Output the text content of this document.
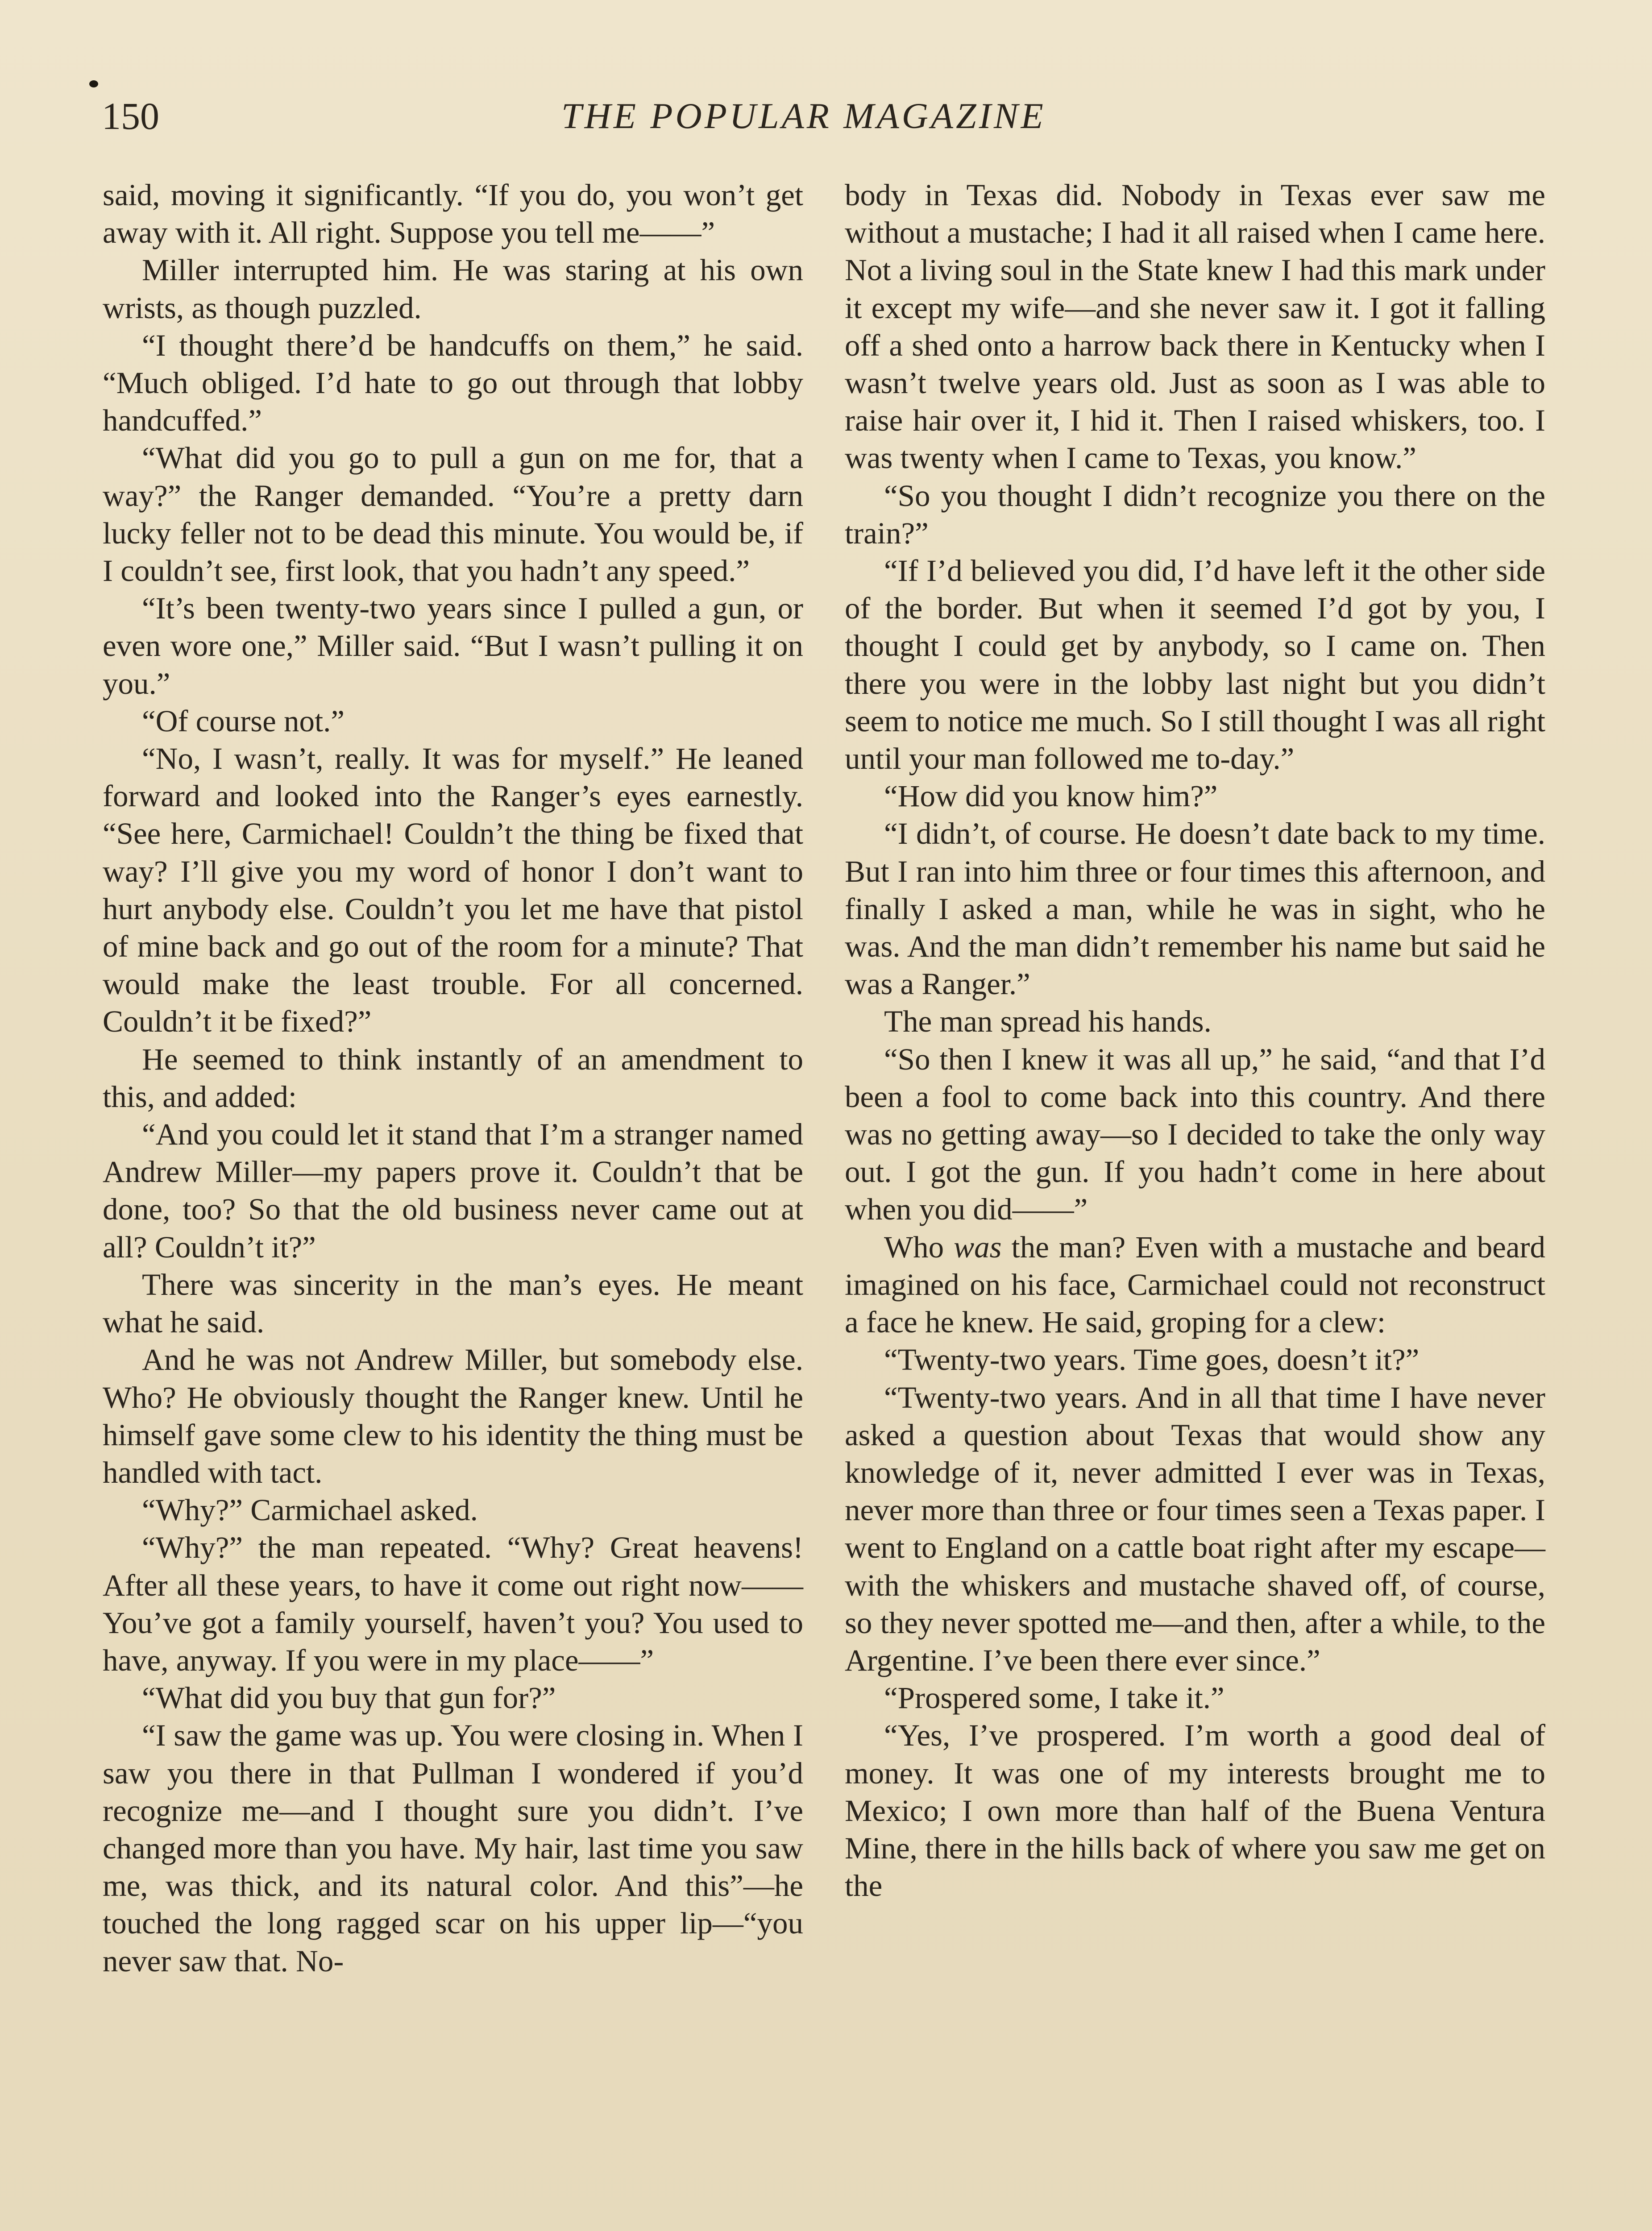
150	THE POPULAR MAGAZINE

said, moving it significantly. “If you do, you won’t get away with it. All right. Suppose you tell me——”

Miller interrupted him. He was staring at his own wrists, as though puzzled.

“I thought there’d be handcuffs on them,” he said. “Much obliged. I’d hate to go out through that lobby handcuffed.”

“What did you go to pull a gun on me for, that a way?” the Ranger demanded. “You’re a pretty darn lucky feller not to be dead this minute. You would be, if I couldn’t see, first look, that you hadn’t any speed.”

“It’s been twenty-two years since I pulled a gun, or even wore one,” Miller said. “But I wasn’t pulling it on you.”

“Of course not.”

“No, I wasn’t, really. It was for myself.” He leaned forward and looked into the Ranger’s eyes earnestly. “See here, Carmichael! Couldn’t the thing be fixed that way? I’ll give you my word of honor I don’t want to hurt anybody else. Couldn’t you let me have that pistol of mine back and go out of the room for a minute? That would make the least trouble. For all concerned. Couldn’t it be fixed?”

He seemed to think instantly of an amendment to this, and added:

“And you could let it stand that I’m a stranger named Andrew Miller—my papers prove it. Couldn’t that be done, too? So that the old business never came out at all? Couldn’t it?”

There was sincerity in the man’s eyes. He meant what he said.

And he was not Andrew Miller, but somebody else. Who? He obviously thought the Ranger knew. Until he himself gave some clew to his identity the thing must be handled with tact.

“Why?” Carmichael asked.

“Why?” the man repeated. “Why? Great heavens! After all these years, to have it come out right now—— You’ve got a family yourself, haven’t you? You used to have, anyway. If you were in my place——”

“What did you buy that gun for?”

“I saw the game was up. You were closing in. When I saw you there in that Pullman I wondered if you’d recognize me—and I thought sure you didn’t. I’ve changed more than you have. My hair, last time you saw me, was thick, and its natural color. And this”—he touched the long ragged scar on his upper lip—“you never saw that. No-

body in Texas did. Nobody in Texas ever saw me without a mustache; I had it all raised when I came here. Not a living soul in the State knew I had this mark under it except my wife—and she never saw it. I got it falling off a shed onto a harrow back there in Kentucky when I wasn’t twelve years old. Just as soon as I was able to raise hair over it, I hid it. Then I raised whiskers, too. I was twenty when I came to Texas, you know.”

“So you thought I didn’t recognize you there on the train?”

“If I’d believed you did, I’d have left it the other side of the border. But when it seemed I’d got by you, I thought I could get by anybody, so I came on. Then there you were in the lobby last night but you didn’t seem to notice me much. So I still thought I was all right until your man followed me to-day.”

“How did you know him?”

“I didn’t, of course. He doesn’t date back to my time. But I ran into him three or four times this afternoon, and finally I asked a man, while he was in sight, who he was. And the man didn’t remember his name but said he was a Ranger.”

The man spread his hands.

“So then I knew it was all up,” he said, “and that I’d been a fool to come back into this country. And there was no getting away—so I decided to take the only way out. I got the gun. If you hadn’t come in here about when you did——”

Who was the man? Even with a mustache and beard imagined on his face, Carmichael could not reconstruct a face he knew. He said, groping for a clew:

“Twenty-two years. Time goes, doesn’t it?”

“Twenty-two years. And in all that time I have never asked a question about Texas that would show any knowledge of it, never admitted I ever was in Texas, never more than three or four times seen a Texas paper. I went to England on a cattle boat right after my escape—with the whiskers and mustache shaved off, of course, so they never spotted me—and then, after a while, to the Argentine. I’ve been there ever since.”

“Prospered some, I take it.”

“Yes, I’ve prospered. I’m worth a good deal of money. It was one of my interests brought me to Mexico; I own more than half of the Buena Ventura Mine, there in the hills back of where you saw me get on the
